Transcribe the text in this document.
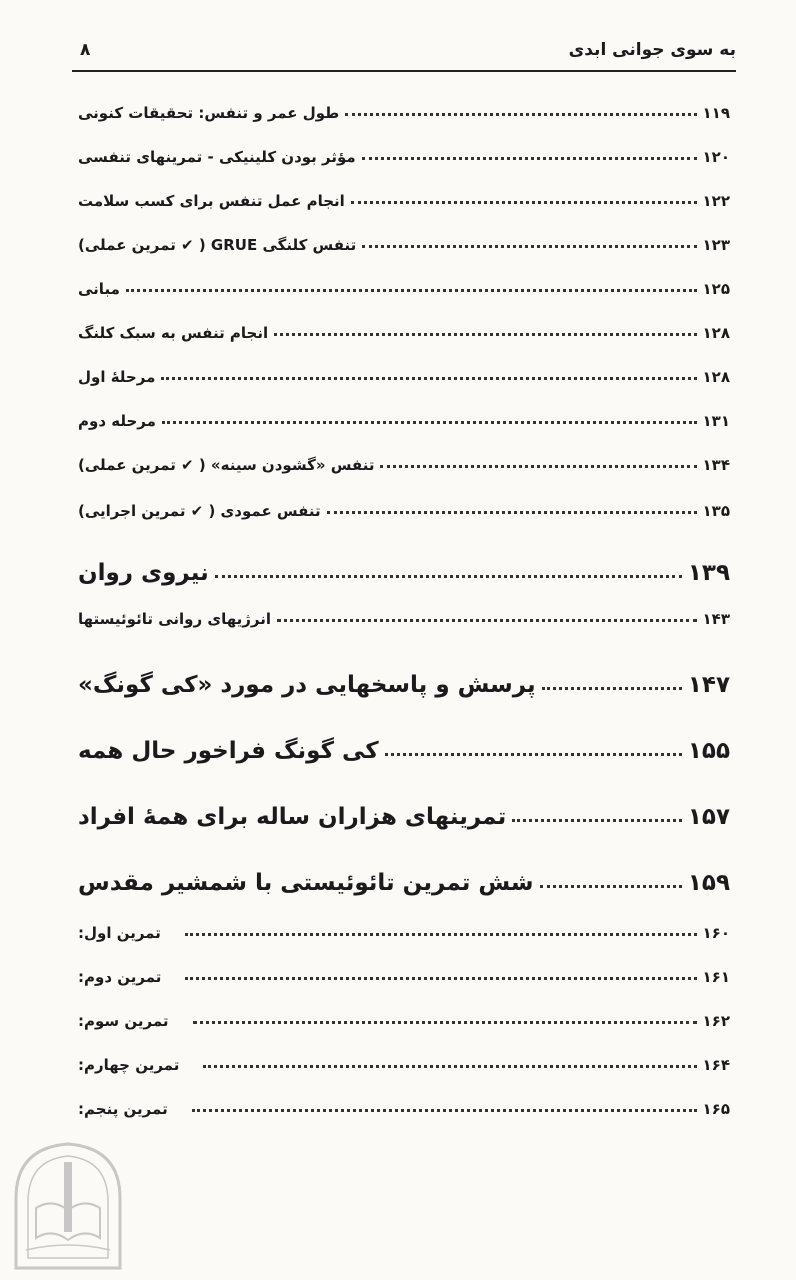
به سوی جوانی ابدی
۸
طول عمر و تنفس: تحقیقات کنونی	۱۱۹
مؤثر بودن کلینیکی - تمرینهای تنفسی	۱۲۰
انجام عمل تنفس برای کسب سلامت	۱۲۲
تنفس کلنگی GRUE ( ✔ تمرین عملی)	۱۲۳
مبانی	۱۲۵
انجام تنفس به سبک کلنگ	۱۲۸
مرحلهٔ اول	۱۲۸
مرحله دوم	۱۳۱
تنفس «گشودن سینه» ( ✔ تمرین عملی)	۱۳۴
تنفس عمودی ( ✔ تمرین اجرایی)	۱۳۵
نیروی روان	۱۳۹
انرژیهای روانی تائوئیستها	۱۴۳
پرسش و پاسخهایی در مورد «کی گونگ»	۱۴۷
کی گونگ فراخور حال همه	۱۵۵
تمرینهای هزاران ساله برای همهٔ افراد	۱۵۷
شش تمرین تائوئیستی با شمشیر مقدس	۱۵۹
تمرین اول:	۱۶۰
تمرین دوم:	۱۶۱
تمرین سوم:	۱۶۲
تمرین چهارم:	۱۶۴
تمرین پنجم:	۱۶۵
